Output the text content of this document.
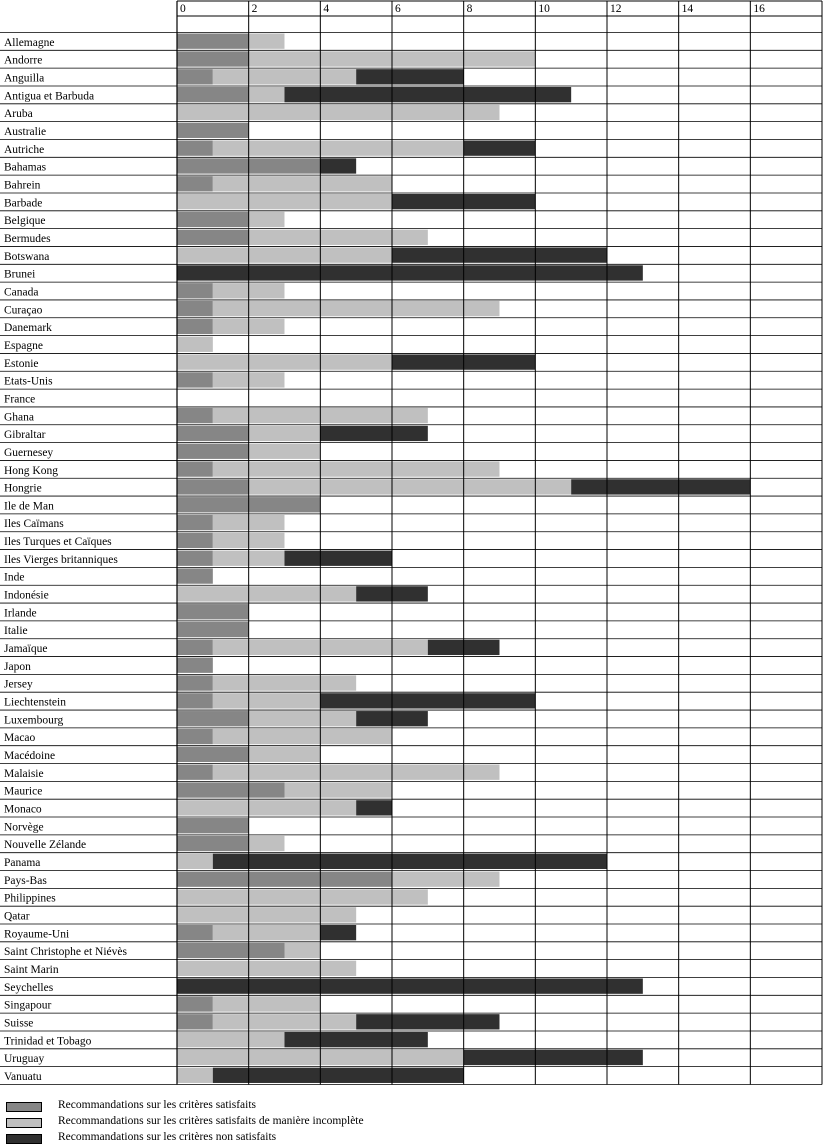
0	2	4	6	8	10	12	14	16
Allemagne
Andorre
Anguilla
Antigua et Barbuda
Aruba
Australie
Autriche
Bahamas
Bahrein
Barbade
Belgique
Bermudes
Botswana
Brunei
Canada
Curaçao
Danemark
Espagne
Estonie
Etats-Unis
France
Ghana
Gibraltar
Guernesey
Hong Kong
Hongrie
Ile de Man
Iles Caïmans
Iles Turques et Caïques
Iles Vierges britanniques
Inde
Indonésie
Irlande
Italie
Jamaïque
Japon
Jersey
Liechtenstein
Luxembourg
Macao
Macédoine
Malaisie
Maurice
Monaco
Norvège
Nouvelle Zélande
Panama
Pays-Bas
Philippines
Qatar
Royaume-Uni
Saint Christophe et Niévès
Saint Marin
Seychelles
Singapour
Suisse
Trinidad et Tobago
Uruguay
Vanuatu
Recommandations sur les critères satisfaits
Recommandations sur les critères satisfaits de manière incomplète
Recommandations sur les critères non satisfaits
